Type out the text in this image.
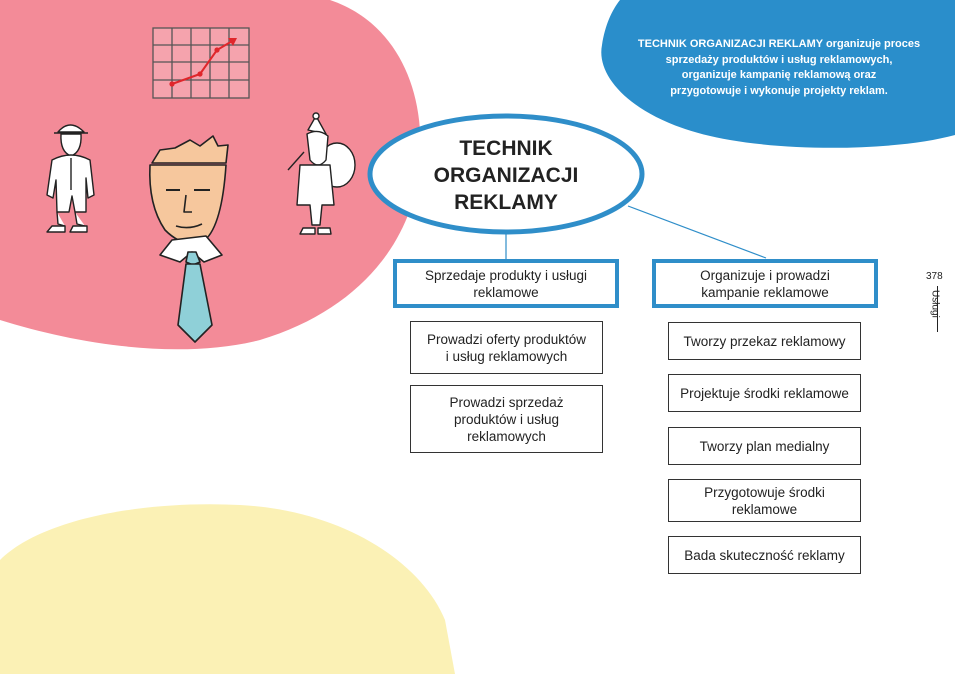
TECHNIK ORGANIZACJI REKLAMY organizuje proces
sprzedaży produktów i usług reklamowych,
organizuje kampanię reklamową oraz
przygotowuje i wykonuje projekty reklam.
TECHNIK
ORGANIZACJI
REKLAMY
Sprzedaje produkty i usługi
reklamowe
Prowadzi oferty produktów
i usług reklamowych
Prowadzi sprzedaż
produktów i usług
reklamowych
Organizuje i prowadzi
kampanie reklamowe
Tworzy przekaz reklamowy
Projektuje środki reklamowe
Tworzy plan medialny
Przygotowuje środki
reklamowe
Bada skuteczność reklamy
378
Usługi
